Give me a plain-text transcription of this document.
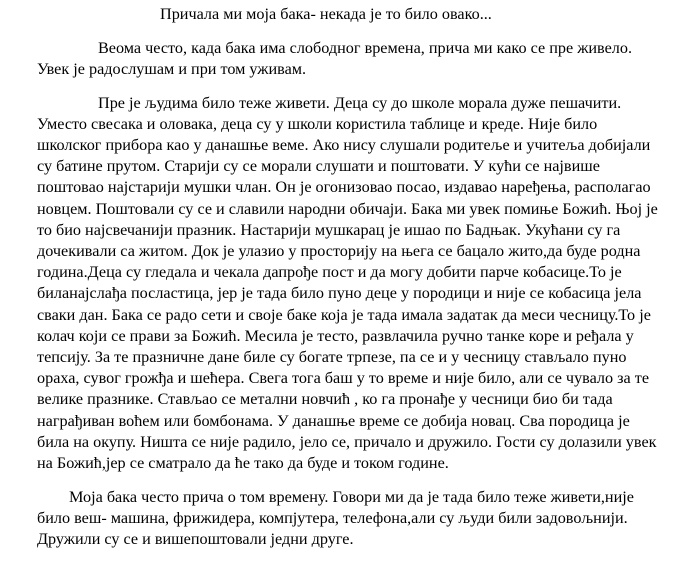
Причала ми моја бака- некада је то било овако...
Веома често, када бака има слободног времена, прича ми како се пре живело.
Увек је радослушам и при том уживам.
Пре је људима било теже живети. Деца су до школе морала дуже пешачити.
Уместо свесака и оловака, деца су у школи користила таблице и креде. Није било
школског прибора као у данашње веме. Ако нису слушали родитеље и учитеља добијали
су батине прутом. Старији су се морали слушати и поштовати. У кући се највише
поштовао најстарији мушки члан. Он је огонизовао посао, издавао наређења, располагао
новцем. Поштовали су се и славили народни обичаји. Бака ми увек помиње Божић. Њој је
то био најсвечанији празник. Настарији мушкарац је ишао по Бадњак. Укућани су га
дочекивали са житом. Док је улазио у просторију на њега се бацало жито,да буде родна
година.Деца су гледала и чекала дапрође пост и да могу добити парче кобасице.То је
биланајслађа посластица, јер је тада било пуно деце у породици и није се кобасица јела
сваки дан. Бака се радо сети и своје баке која је тада имала задатак да меси чесницу.То је
колач који се прави за Божић. Месила је тесто, развлачила ручно танке коре и ређала у
тепсију. За те празничне дане биле су богате трпезе, па се и у чесницу стављало пуно
ораха, сувог грожђа и шећера. Свега тога баш у то време и није било, али се чувало за те
велике празнике. Стављао се метални новчић , ко га пронађе у чесници био би тада
награђиван воћем или бомбонама. У данашње време се добија новац. Сва породица је
била на окупу. Ништа се није радило, јело се, причало и дружило. Гости су долазили увек
на Божић,јер се сматрало да ће тако да буде и током године.
Моја бака често прича о том времену. Говори ми да је тада било теже живети,није
било веш- машина, фрижидера, компјутера, телефона,али су људи били задовољнији.
Дружили су се и вишепоштовали једни друге.
